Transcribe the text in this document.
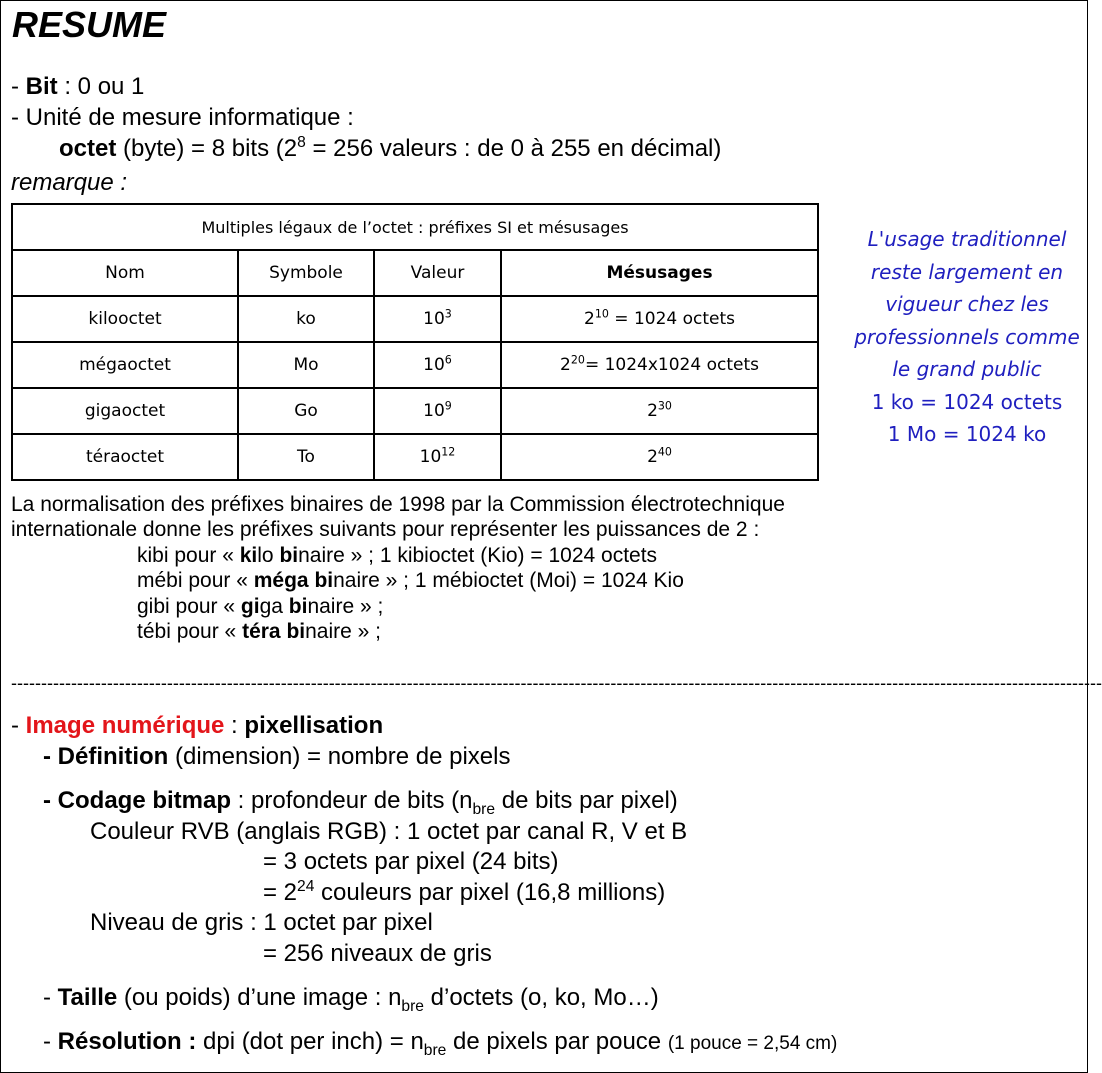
RESUME
- Bit : 0 ou 1
- Unité de mesure informatique :
octet (byte) = 8 bits ($2^8 = 256$ valeurs : de 0 à 255 en décimal)
remarque :
Multiples légaux de l’octet : préfixes SI et mésusages			
Nom	Symbole	Valeur	Mésusages
kilooctet	ko	$10^3$	$2^{10} = 1024$ octets
mégaoctet	Mo	$10^6$	$2^{20}= 1024x1024$ octets
gigaoctet	Go	$10^9$	$2^{30}$
téraoctet	To	$10^{12}$	$2^{40}$
L'usage traditionnel
reste largement en
vigueur chez les
professionnels comme
le grand public
1 ko = 1024 octets
1 Mo = 1024 ko
La normalisation des préfixes binaires de 1998 par la Commission électrotechnique
internationale donne les préfixes suivants pour représenter les puissances de 2 :
kibi pour « kilo binaire » ; 1 kibioctet (Kio) = 1024 octets
mébi pour « méga binaire » ; 1 mébioctet (Moi) = 1024 Kio
gibi pour « giga binaire » ;
tébi pour « téra binaire » ;
--------------------------------------------------------------------------------------------------------------------------------------------------------------------------------------
- Image numérique : pixellisation
- Définition (dimension) = nombre de pixels
- Codage bitmap : profondeur de bits ($n_{bre}$ de bits par pixel)
Couleur RVB (anglais RGB) : 1 octet par canal R, V et B
= 3 octets par pixel (24 bits)
= $2^{24}$ couleurs par pixel (16,8 millions)
Niveau de gris : 1 octet par pixel
= 256 niveaux de gris
- Taille (ou poids) d’une image : $n_{bre}$ d’octets (o, ko, Mo…)
- Résolution : dpi (dot per inch) = $n_{bre}$ de pixels par pouce (1 pouce = 2,54 cm)
